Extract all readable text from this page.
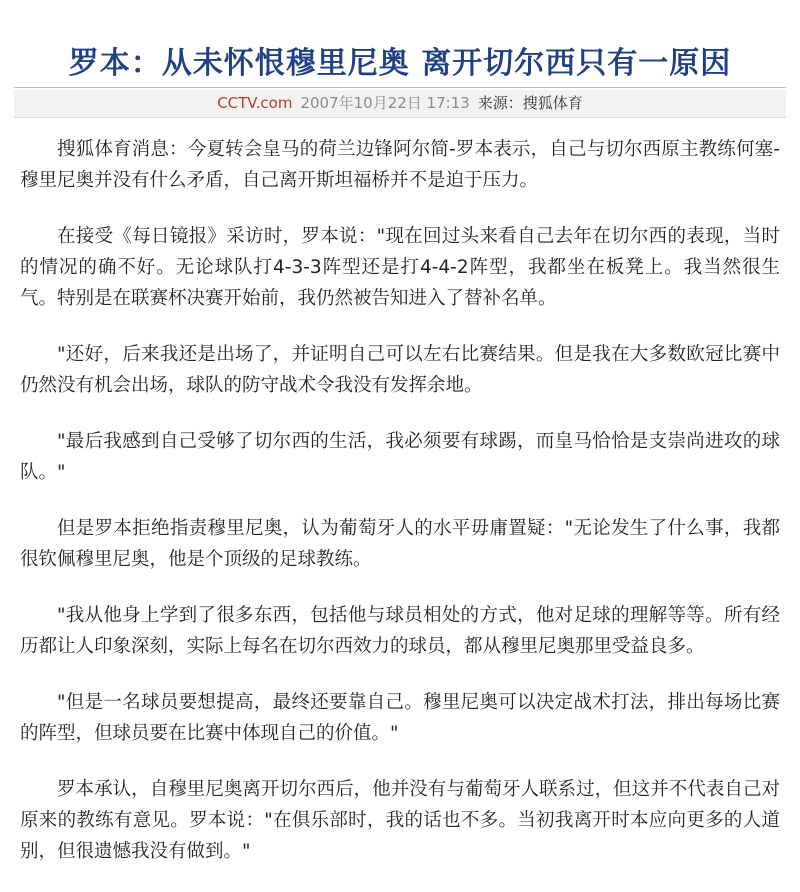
罗本：从未怀恨穆里尼奥 离开切尔西只有一原因
CCTV.com 2007年10月22日 17:13 来源：搜狐体育

搜狐体育消息：今夏转会皇马的荷兰边锋阿尔简-罗本表示，自己与切尔西原主教练何塞-穆里尼奥并没有什么矛盾，自己离开斯坦福桥并不是迫于压力。

在接受《每日镜报》采访时，罗本说："现在回过头来看自己去年在切尔西的表现，当时的情况的确不好。无论球队打4-3-3阵型还是打4-4-2阵型，我都坐在板凳上。我当然很生气。特别是在联赛杯决赛开始前，我仍然被告知进入了替补名单。

"还好，后来我还是出场了，并证明自己可以左右比赛结果。但是我在大多数欧冠比赛中仍然没有机会出场，球队的防守战术令我没有发挥余地。

"最后我感到自己受够了切尔西的生活，我必须要有球踢，而皇马恰恰是支崇尚进攻的球队。"

但是罗本拒绝指责穆里尼奥，认为葡萄牙人的水平毋庸置疑："无论发生了什么事，我都很钦佩穆里尼奥，他是个顶级的足球教练。

"我从他身上学到了很多东西，包括他与球员相处的方式，他对足球的理解等等。所有经历都让人印象深刻，实际上每名在切尔西效力的球员，都从穆里尼奥那里受益良多。

"但是一名球员要想提高，最终还要靠自己。穆里尼奥可以决定战术打法，排出每场比赛的阵型，但球员要在比赛中体现自己的价值。"

罗本承认，自穆里尼奥离开切尔西后，他并没有与葡萄牙人联系过，但这并不代表自己对原来的教练有意见。罗本说："在俱乐部时，我的话也不多。当初我离开时本应向更多的人道别，但很遗憾我没有做到。"
